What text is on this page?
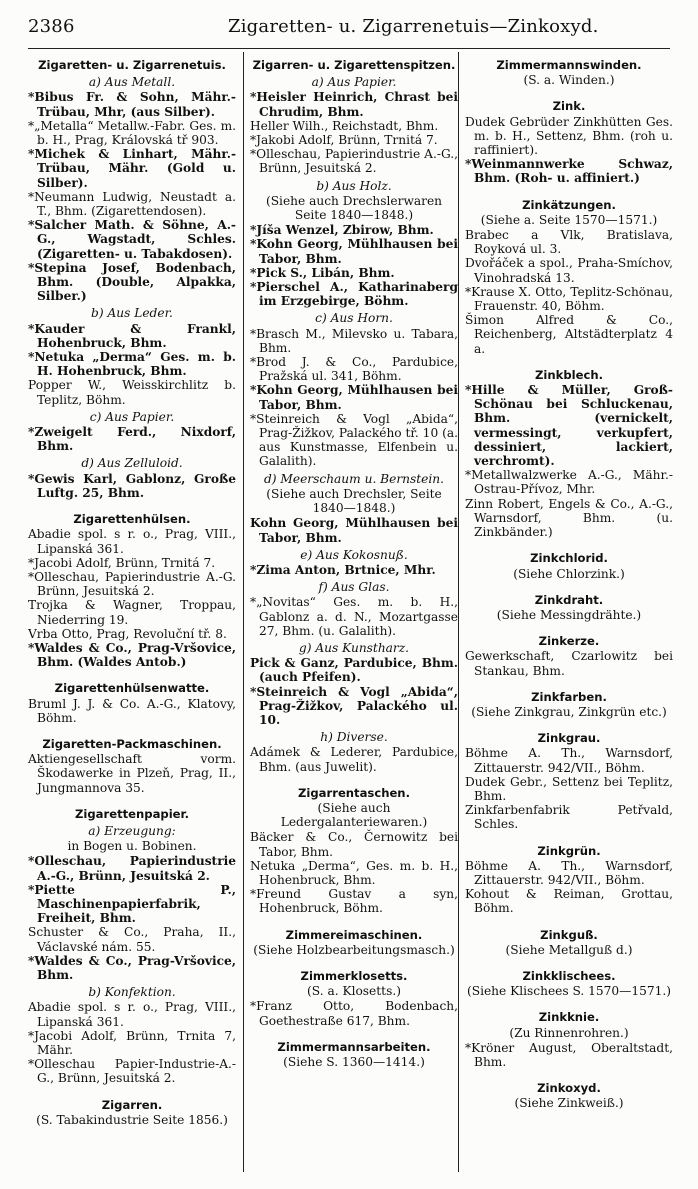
2386	Zigaretten- u. Zigarrenetuis—Zinkoxyd.

Zigaretten- u. Zigarrenetuis.

a) Aus Metall.

*Bibus Fr. & Sohn, Mähr.-Trübau, Mhr, (aus Silber).

*„Metalla“ Metallw.-Fabr. Ges. m. b. H., Prag, Královská tř 903.

*Michek & Linhart, Mähr.-Trübau, Mähr. (Gold u. Silber).

*Neumann Ludwig, Neustadt a. T., Bhm. (Zigarettendosen).

*Salcher Math. & Söhne, A.-G., Wagstadt, Schles. (Zigaretten- u. Tabakdosen).

*Stepina Josef, Bodenbach, Bhm. (Double, Alpakka, Silber.)

b) Aus Leder.

*Kauder & Frankl, Hohenbruck, Bhm.

*Netuka „Derma“ Ges. m. b. H. Hohenbruck, Bhm.

Popper W., Weisskirchlitz b. Teplitz, Böhm.

c) Aus Papier.

*Zweigelt Ferd., Nixdorf, Bhm.

d) Aus Zelluloid.

*Gewis Karl, Gablonz, Große Luftg. 25, Bhm.

Zigarettenhülsen.

Abadie spol. s r. o., Prag, VIII., Lipanská 361.

*Jacobi Adolf, Brünn, Trnitá 7.

*Olleschau, Papierindustrie A.-G. Brünn, Jesuitská 2.

Trojka & Wagner, Troppau, Niederring 19.

Vrba Otto, Prag, Revoluční tř. 8.

*Waldes & Co., Prag-Vršovice, Bhm. (Waldes Antob.)

Zigarettenhülsenwatte.

Bruml J. J. & Co. A.-G., Klatovy, Böhm.

Zigaretten-Packmaschinen.

Aktiengesellschaft vorm. Škodawerke in Plzeň, Prag, II., Jungmannova 35.

Zigarettenpapier.

a) Erzeugung:

in Bogen u. Bobinen.

*Olleschau, Papierindustrie A.-G., Brünn, Jesuitská 2.

*Piette P., Maschinenpapierfabrik, Freiheit, Bhm.

Schuster & Co., Praha, II., Václavské nám. 55.

*Waldes & Co., Prag-Vršovice, Bhm.

b) Konfektion.

Abadie spol. s r. o., Prag, VIII., Lipanská 361.

*Jacobi Adolf, Brünn, Trnita 7, Mähr.

*Olleschau Papier-Industrie-A.-G., Brünn, Jesuitská 2.

Zigarren.

(S. Tabakindustrie Seite 1856.)

Zigarren- u. Zigarettenspitzen.

a) Aus Papier.

*Heisler Heinrich, Chrast bei Chrudim, Bhm.

Heller Wilh., Reichstadt, Bhm.

*Jakobi Adolf, Brünn, Trnitá 7.

*Olleschau, Papierindustrie A.-G., Brünn, Jesuitská 2.

b) Aus Holz.

(Siehe auch Drechslerwaren Seite 1840—1848.)

*Jíša Wenzel, Zbirow, Bhm.

*Kohn Georg, Mühlhausen bei Tabor, Bhm.

*Pick S., Libán, Bhm.

*Pierschel A., Katharinaberg im Erzgebirge, Böhm.

c) Aus Horn.

*Brasch M., Milevsko u. Tabara, Bhm.

*Brod J. & Co., Pardubice, Pražská ul. 341, Böhm.

*Kohn Georg, Mühlhausen bei Tabor, Bhm.

*Steinreich & Vogl „Abida“, Prag-Žižkov, Palackého tř. 10 (a. aus Kunstmasse, Elfenbein u. Galalith).

d) Meerschaum u. Bernstein.

(Siehe auch Drechsler, Seite 1840—1848.)

Kohn Georg, Mühlhausen bei Tabor, Bhm.

e) Aus Kokosnuß.

*Zima Anton, Brtnice, Mhr.

f) Aus Glas.

*„Novitas“ Ges. m. b. H., Gablonz a. d. N., Mozartgasse 27, Bhm. (u. Galalith).

g) Aus Kunstharz.

Pick & Ganz, Pardubice, Bhm. (auch Pfeifen).

*Steinreich & Vogl „Abida“, Prag-Žižkov, Palackého ul. 10.

h) Diverse.

Adámek & Lederer, Pardubice, Bhm. (aus Juwelit).

Zigarrentaschen.

(Siehe auch Ledergalanteriewaren.)

Bäcker & Co., Černowitz bei Tabor, Bhm.

Netuka „Derma“, Ges. m. b. H., Hohenbruck, Bhm.

*Freund Gustav a syn, Hohenbruck, Böhm.

Zimmereimaschinen.

(Siehe Holzbearbeitungsmasch.)

Zimmerklosetts.

(S. a. Klosetts.)

*Franz Otto, Bodenbach, Goethestraße 617, Bhm.

Zimmermannsarbeiten.

(Siehe S. 1360—1414.)

Zimmermannswinden.

(S. a. Winden.)

Zink.

Dudek Gebrüder Zinkhütten Ges. m. b. H., Settenz, Bhm. (roh u. raffiniert).

*Weinmannwerke Schwaz, Bhm. (Roh- u. affiniert.)

Zinkätzungen.

(Siehe a. Seite 1570—1571.)

Brabec a Vlk, Bratislava, Royková ul. 3.

Dvořáček a spol., Praha-Smíchov, Vinohradská 13.

*Krause X. Otto, Teplitz-Schönau, Frauenstr. 40, Böhm.

Šimon Alfred & Co., Reichenberg, Altstädterplatz 4 a.

Zinkblech.

*Hille & Müller, Groß-Schönau bei Schluckenau, Bhm. (vernickelt, vermessingt, verkupfert, dessiniert, lackiert, verchromt).

*Metallwalzwerke A.-G., Mähr.-Ostrau-Přívoz, Mhr.

Zinn Robert, Engels & Co., A.-G., Warnsdorf, Bhm. (u. Zinkbänder.)

Zinkchlorid.

(Siehe Chlorzink.)

Zinkdraht.

(Siehe Messingdrähte.)

Zinkerze.

Gewerkschaft, Czarlowitz bei Stankau, Bhm.

Zinkfarben.

(Siehe Zinkgrau, Zinkgrün etc.)

Zinkgrau.

Böhme A. Th., Warnsdorf, Zittauerstr. 942/VII., Böhm.

Dudek Gebr., Settenz bei Teplitz, Bhm.

Zinkfarbenfabrik Petřvald, Schles.

Zinkgrün.

Böhme A. Th., Warnsdorf, Zittauerstr. 942/VII., Böhm.

Kohout & Reiman, Grottau, Böhm.

Zinkguß.

(Siehe Metallguß d.)

Zinkklischees.

(Siehe Klischees S. 1570—1571.)

Zinkknie.

(Zu Rinnenrohren.)

*Kröner August, Oberaltstadt, Bhm.

Zinkoxyd.

(Siehe Zinkweiß.)
